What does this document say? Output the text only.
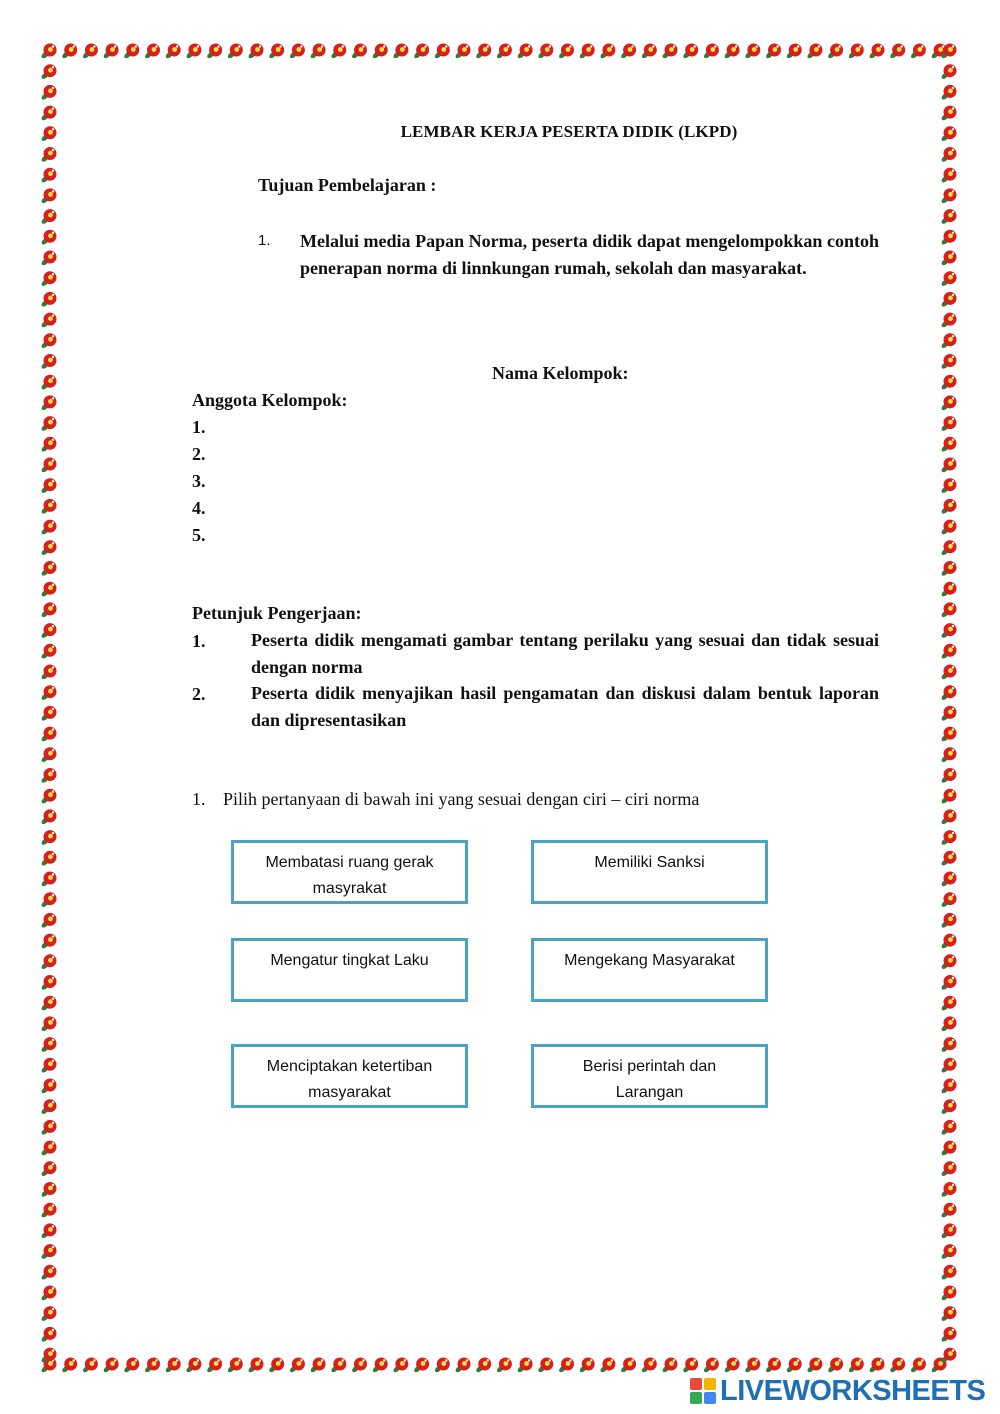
LEMBAR KERJA PESERTA DIDIK (LKPD)
Tujuan Pembelajaran :
1. Melalui media Papan Norma, peserta didik dapat mengelompokkan contoh penerapan norma di linnkungan rumah, sekolah dan masyarakat.
Nama Kelompok:
Anggota Kelompok:
1.
2.
3.
4.
5.
Petunjuk Pengerjaan:
1.	Peserta didik mengamati gambar tentang perilaku yang sesuai dan tidak sesuai dengan norma
2.	Peserta didik menyajikan hasil pengamatan dan diskusi dalam bentuk laporan dan dipresentasikan
1. Pilih pertanyaan di bawah ini yang sesuai dengan ciri – ciri norma
Membatasi ruang gerak masyrakat
Memiliki Sanksi
Mengatur tingkat Laku	Mengekang Masyarakat
Menciptakan ketertiban masyarakat
Berisi perintah dan Larangan
LIVEWORKSHEETS
